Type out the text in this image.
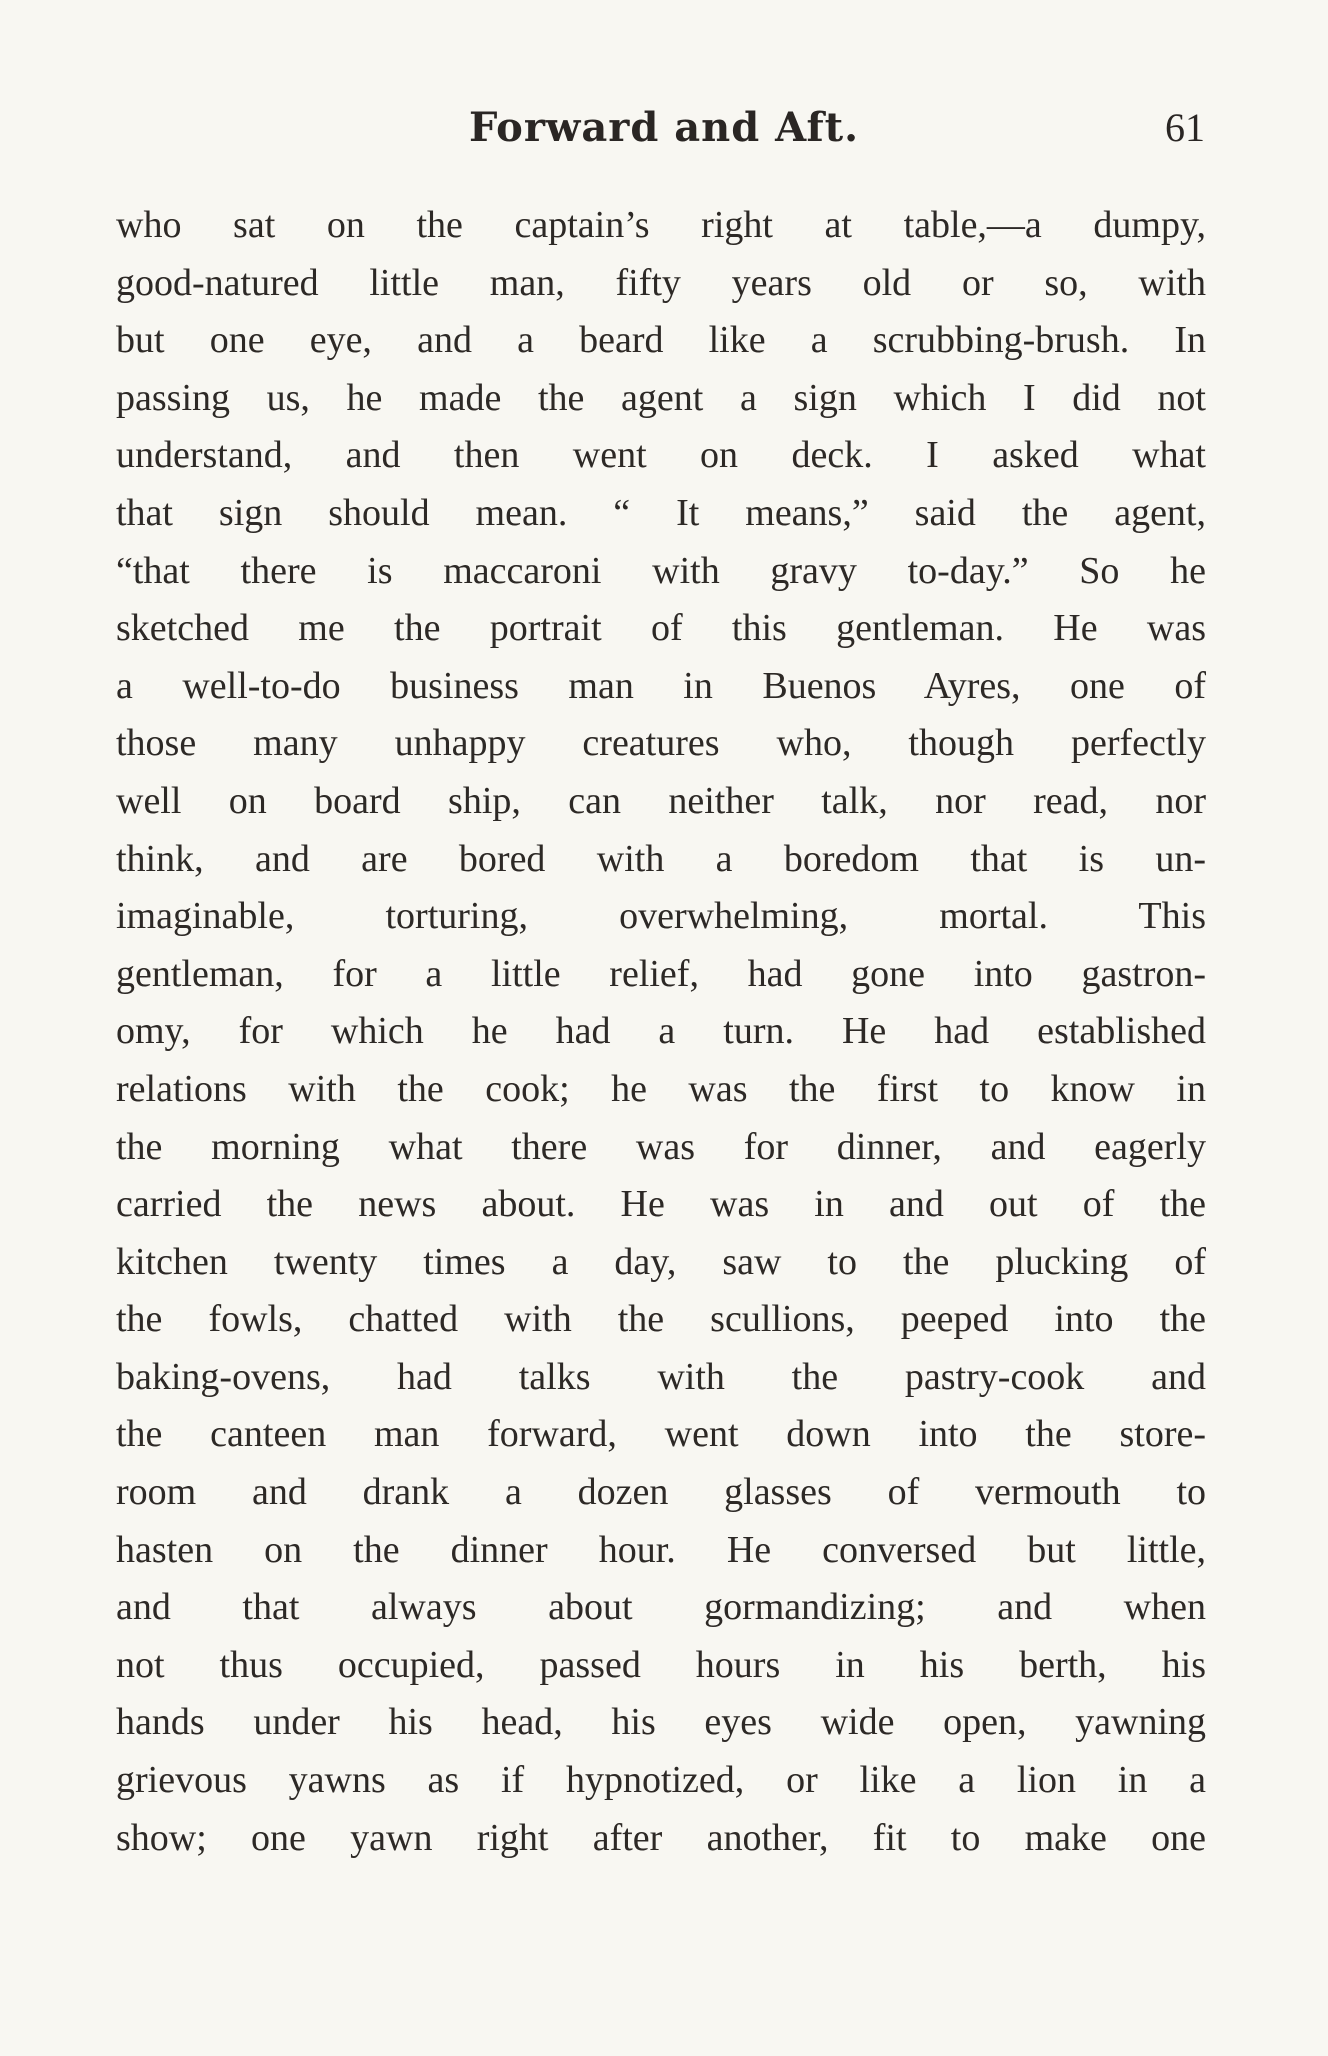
Forward and Aft.	61
who sat on the captain’s right at table,—a dumpy,
good-natured little man, fifty years old or so, with
but one eye, and a beard like a scrubbing-brush. In
passing us, he made the agent a sign which I did not
understand, and then went on deck. I asked what
that sign should mean. “ It means,” said the agent,
“that there is maccaroni with gravy to-day.” So he
sketched me the portrait of this gentleman. He was
a well-to-do business man in Buenos Ayres, one of
those many unhappy creatures who, though perfectly
well on board ship, can neither talk, nor read, nor
think, and are bored with a boredom that is un-
imaginable, torturing, overwhelming, mortal. This
gentleman, for a little relief, had gone into gastron-
omy, for which he had a turn. He had established
relations with the cook; he was the first to know in
the morning what there was for dinner, and eagerly
carried the news about. He was in and out of the
kitchen twenty times a day, saw to the plucking of
the fowls, chatted with the scullions, peeped into the
baking-ovens, had talks with the pastry-cook and
the canteen man forward, went down into the store-
room and drank a dozen glasses of vermouth to
hasten on the dinner hour. He conversed but little,
and that always about gormandizing; and when
not thus occupied, passed hours in his berth, his
hands under his head, his eyes wide open, yawning
grievous yawns as if hypnotized, or like a lion in a
show; one yawn right after another, fit to make one
